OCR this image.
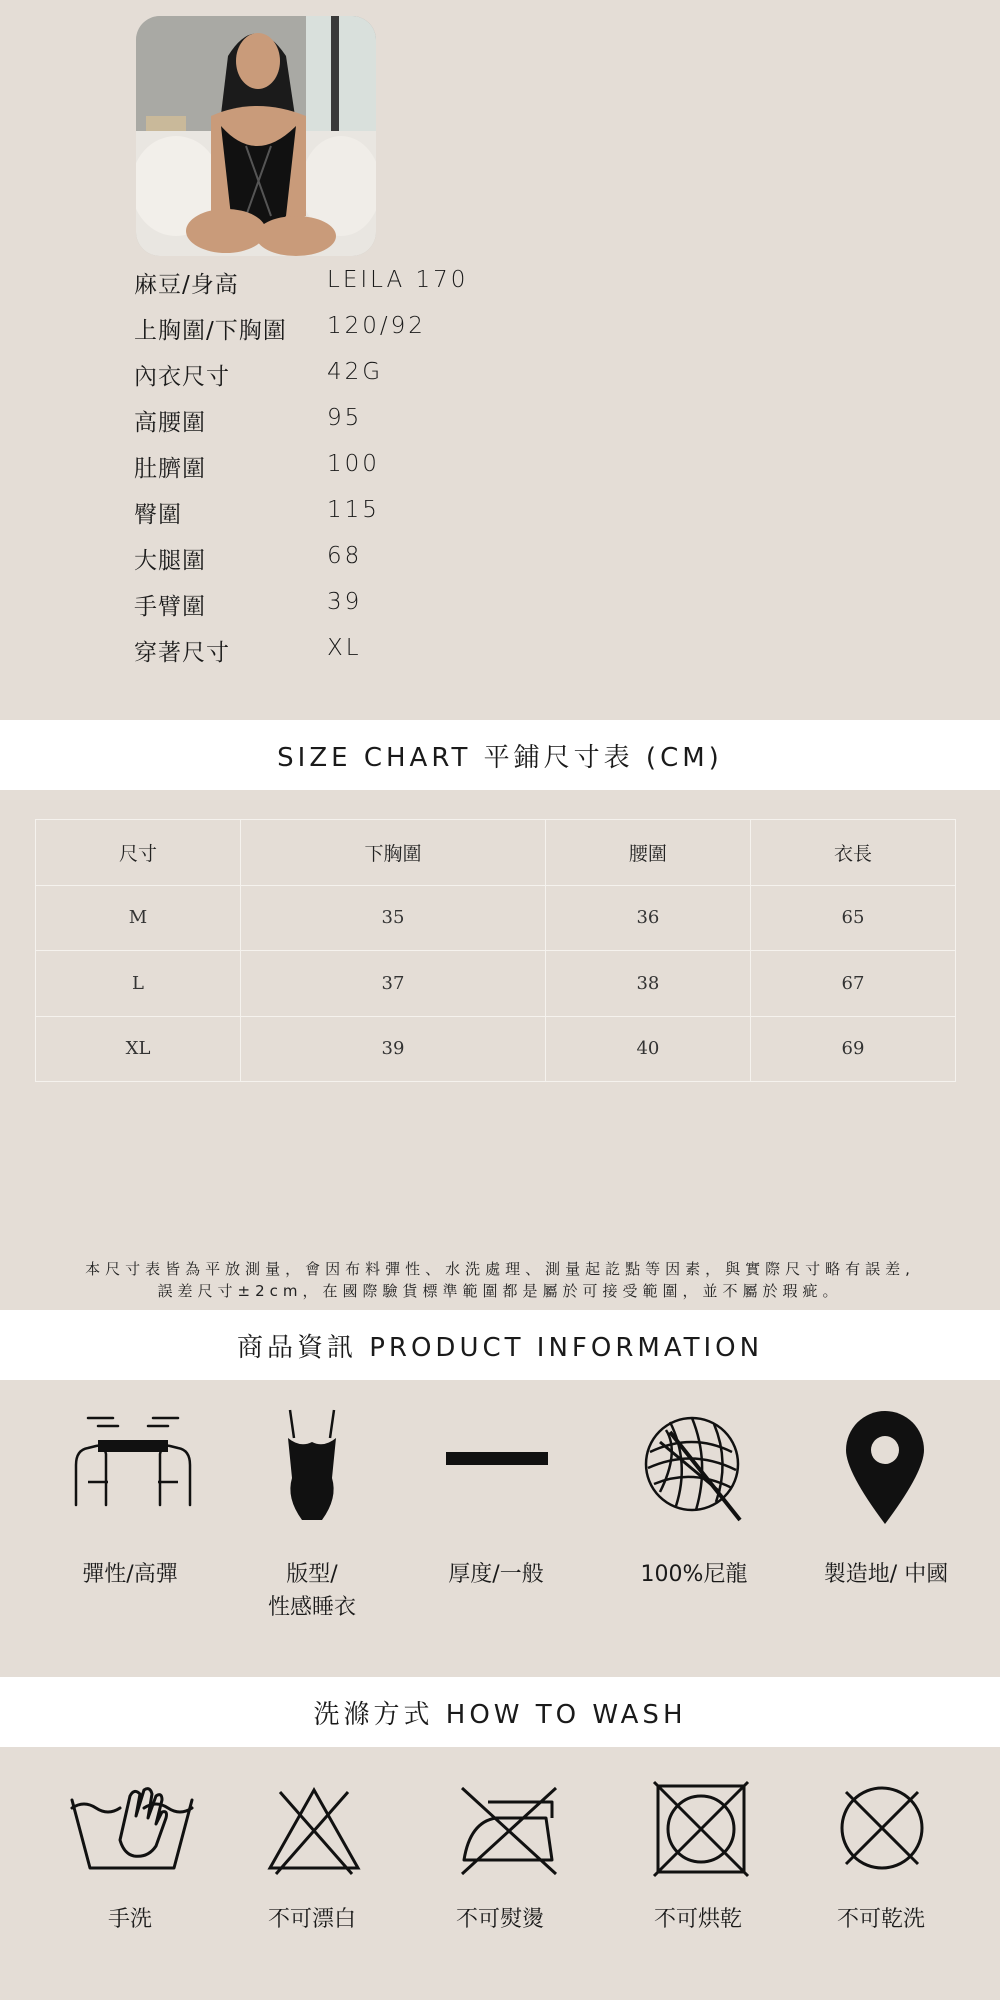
麻豆/身高	LEILA 170
上胸圍/下胸圍 120/92
內衣尺寸	42G
高腰圍	95
肚臍圍	100
臀圍	115
大腿圍	68
手臂圍	39
穿著尺寸	XL
SIZE CHART 平鋪尺寸表 (CM)
尺寸	下胸圍	腰圍	衣長
M	35	36	65
L	37	38	67
XL	39	40	69

本尺寸表皆為平放測量，會因布料彈性、水洗處理、測量起訖點等因素，與實際尺寸略有誤差,

誤差尺寸±2cm，在國際驗貨標準範圍都是屬於可接受範圍，並不屬於瑕疵。

商品資訊 PRODUCT INFORMATION
彈性/高彈	版型/
性感睡衣
厚度/一般	100%尼龍	製造地/ 中國
洗滌方式 HOW TO WASH
手洗	不可漂白	不可熨燙	不可烘乾	不可乾洗
